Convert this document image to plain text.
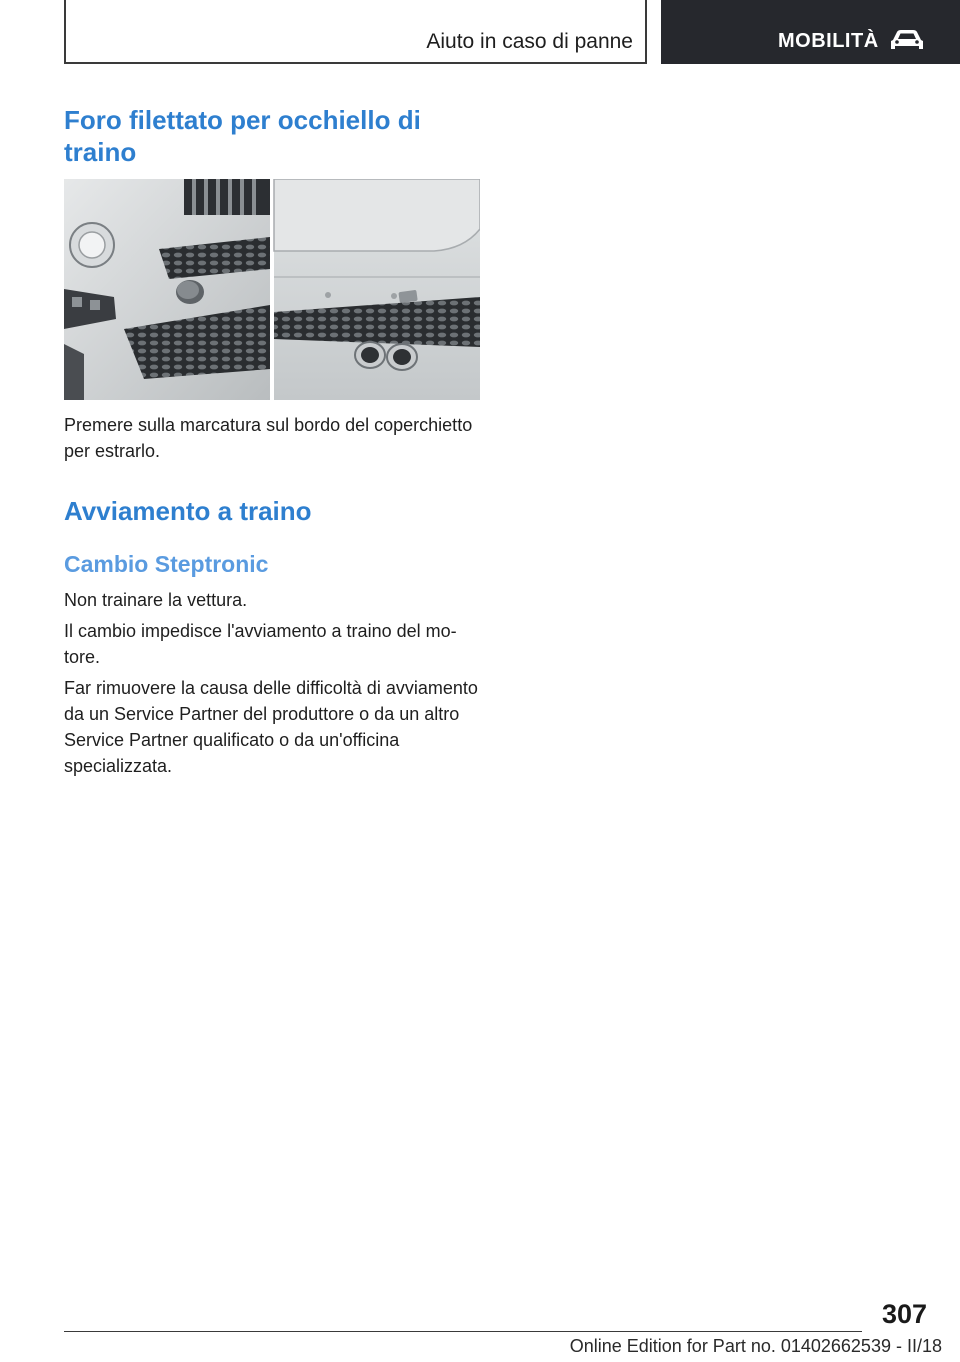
Aiuto in caso di panne	MOBILITÀ
Foro filettato per occhiello di traino
Premere sulla marcatura sul bordo del coperchietto per estrarlo.
Avviamento a traino
Cambio Steptronic
Non trainare la vettura.
Il cambio impedisce l'avviamento a traino del motore.
Far rimuovere la causa delle difficoltà di avviamento da un Service Partner del produttore o da un altro Service Partner qualificato o da un'officina specializzata.
307
Online Edition for Part no. 01402662539 - II/18
